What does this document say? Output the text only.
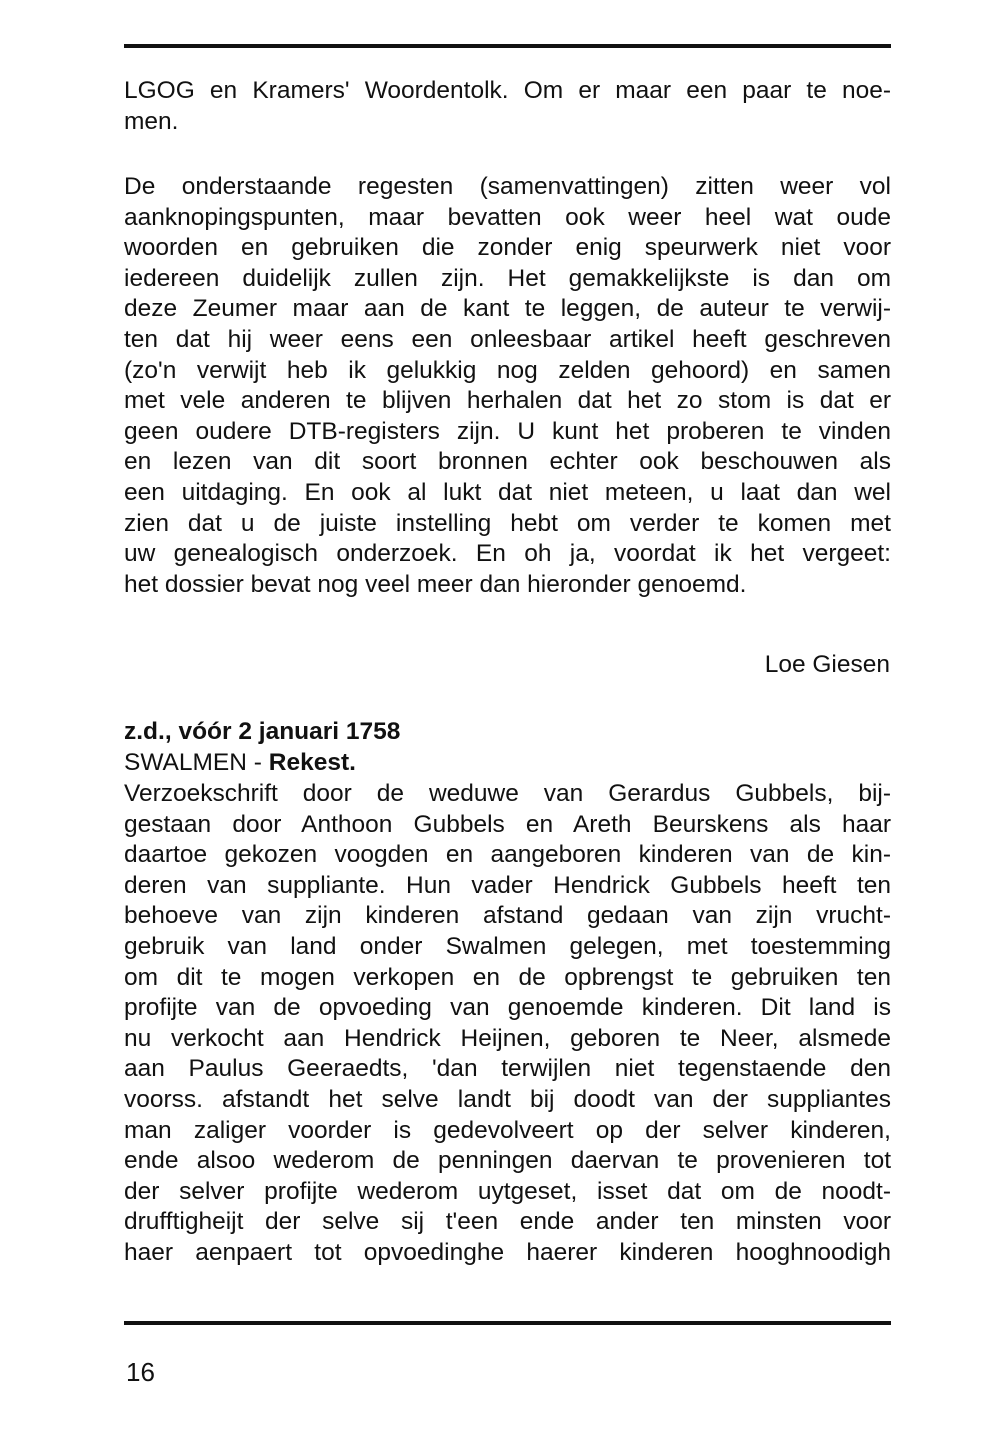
LGOG en Kramers' Woordentolk. Om er maar een paar te noe-
men.
De onderstaande regesten (samenvattingen) zitten weer vol
aanknopingspunten, maar bevatten ook weer heel wat oude
woorden en gebruiken die zonder enig speurwerk niet voor
iedereen duidelijk zullen zijn. Het gemakkelijkste is dan om
deze Zeumer maar aan de kant te leggen, de auteur te verwij-
ten dat hij weer eens een onleesbaar artikel heeft geschreven
(zo'n verwijt heb ik gelukkig nog zelden gehoord) en samen
met vele anderen te blijven herhalen dat het zo stom is dat er
geen oudere DTB-registers zijn. U kunt het proberen te vinden
en lezen van dit soort bronnen echter ook beschouwen als
een uitdaging. En ook al lukt dat niet meteen, u laat dan wel
zien dat u de juiste instelling hebt om verder te komen met
uw genealogisch onderzoek. En oh ja, voordat ik het vergeet:
het dossier bevat nog veel meer dan hieronder genoemd.
Loe Giesen
z.d., vóór 2 januari 1758
SWALMEN - Rekest.
Verzoekschrift door de weduwe van Gerardus Gubbels, bij-
gestaan door Anthoon Gubbels en Areth Beurskens als haar
daartoe gekozen voogden en aangeboren kinderen van de kin-
deren van suppliante. Hun vader Hendrick Gubbels heeft ten
behoeve van zijn kinderen afstand gedaan van zijn vrucht-
gebruik van land onder Swalmen gelegen, met toestemming
om dit te mogen verkopen en de opbrengst te gebruiken ten
profijte van de opvoeding van genoemde kinderen. Dit land is
nu verkocht aan Hendrick Heijnen, geboren te Neer, alsmede
aan Paulus Geeraedts, 'dan terwijlen niet tegenstaende den
voorss. afstandt het selve landt bij doodt van der suppliantes
man zaliger voorder is gedevolveert op der selver kinderen,
ende alsoo wederom de penningen daervan te provenieren tot
der selver profijte wederom uytgeset, isset dat om de noodt-
drufftigheijt der selve sij t'een ende ander ten minsten voor
haer aenpaert tot opvoedinghe haerer kinderen hooghnoodigh
16
